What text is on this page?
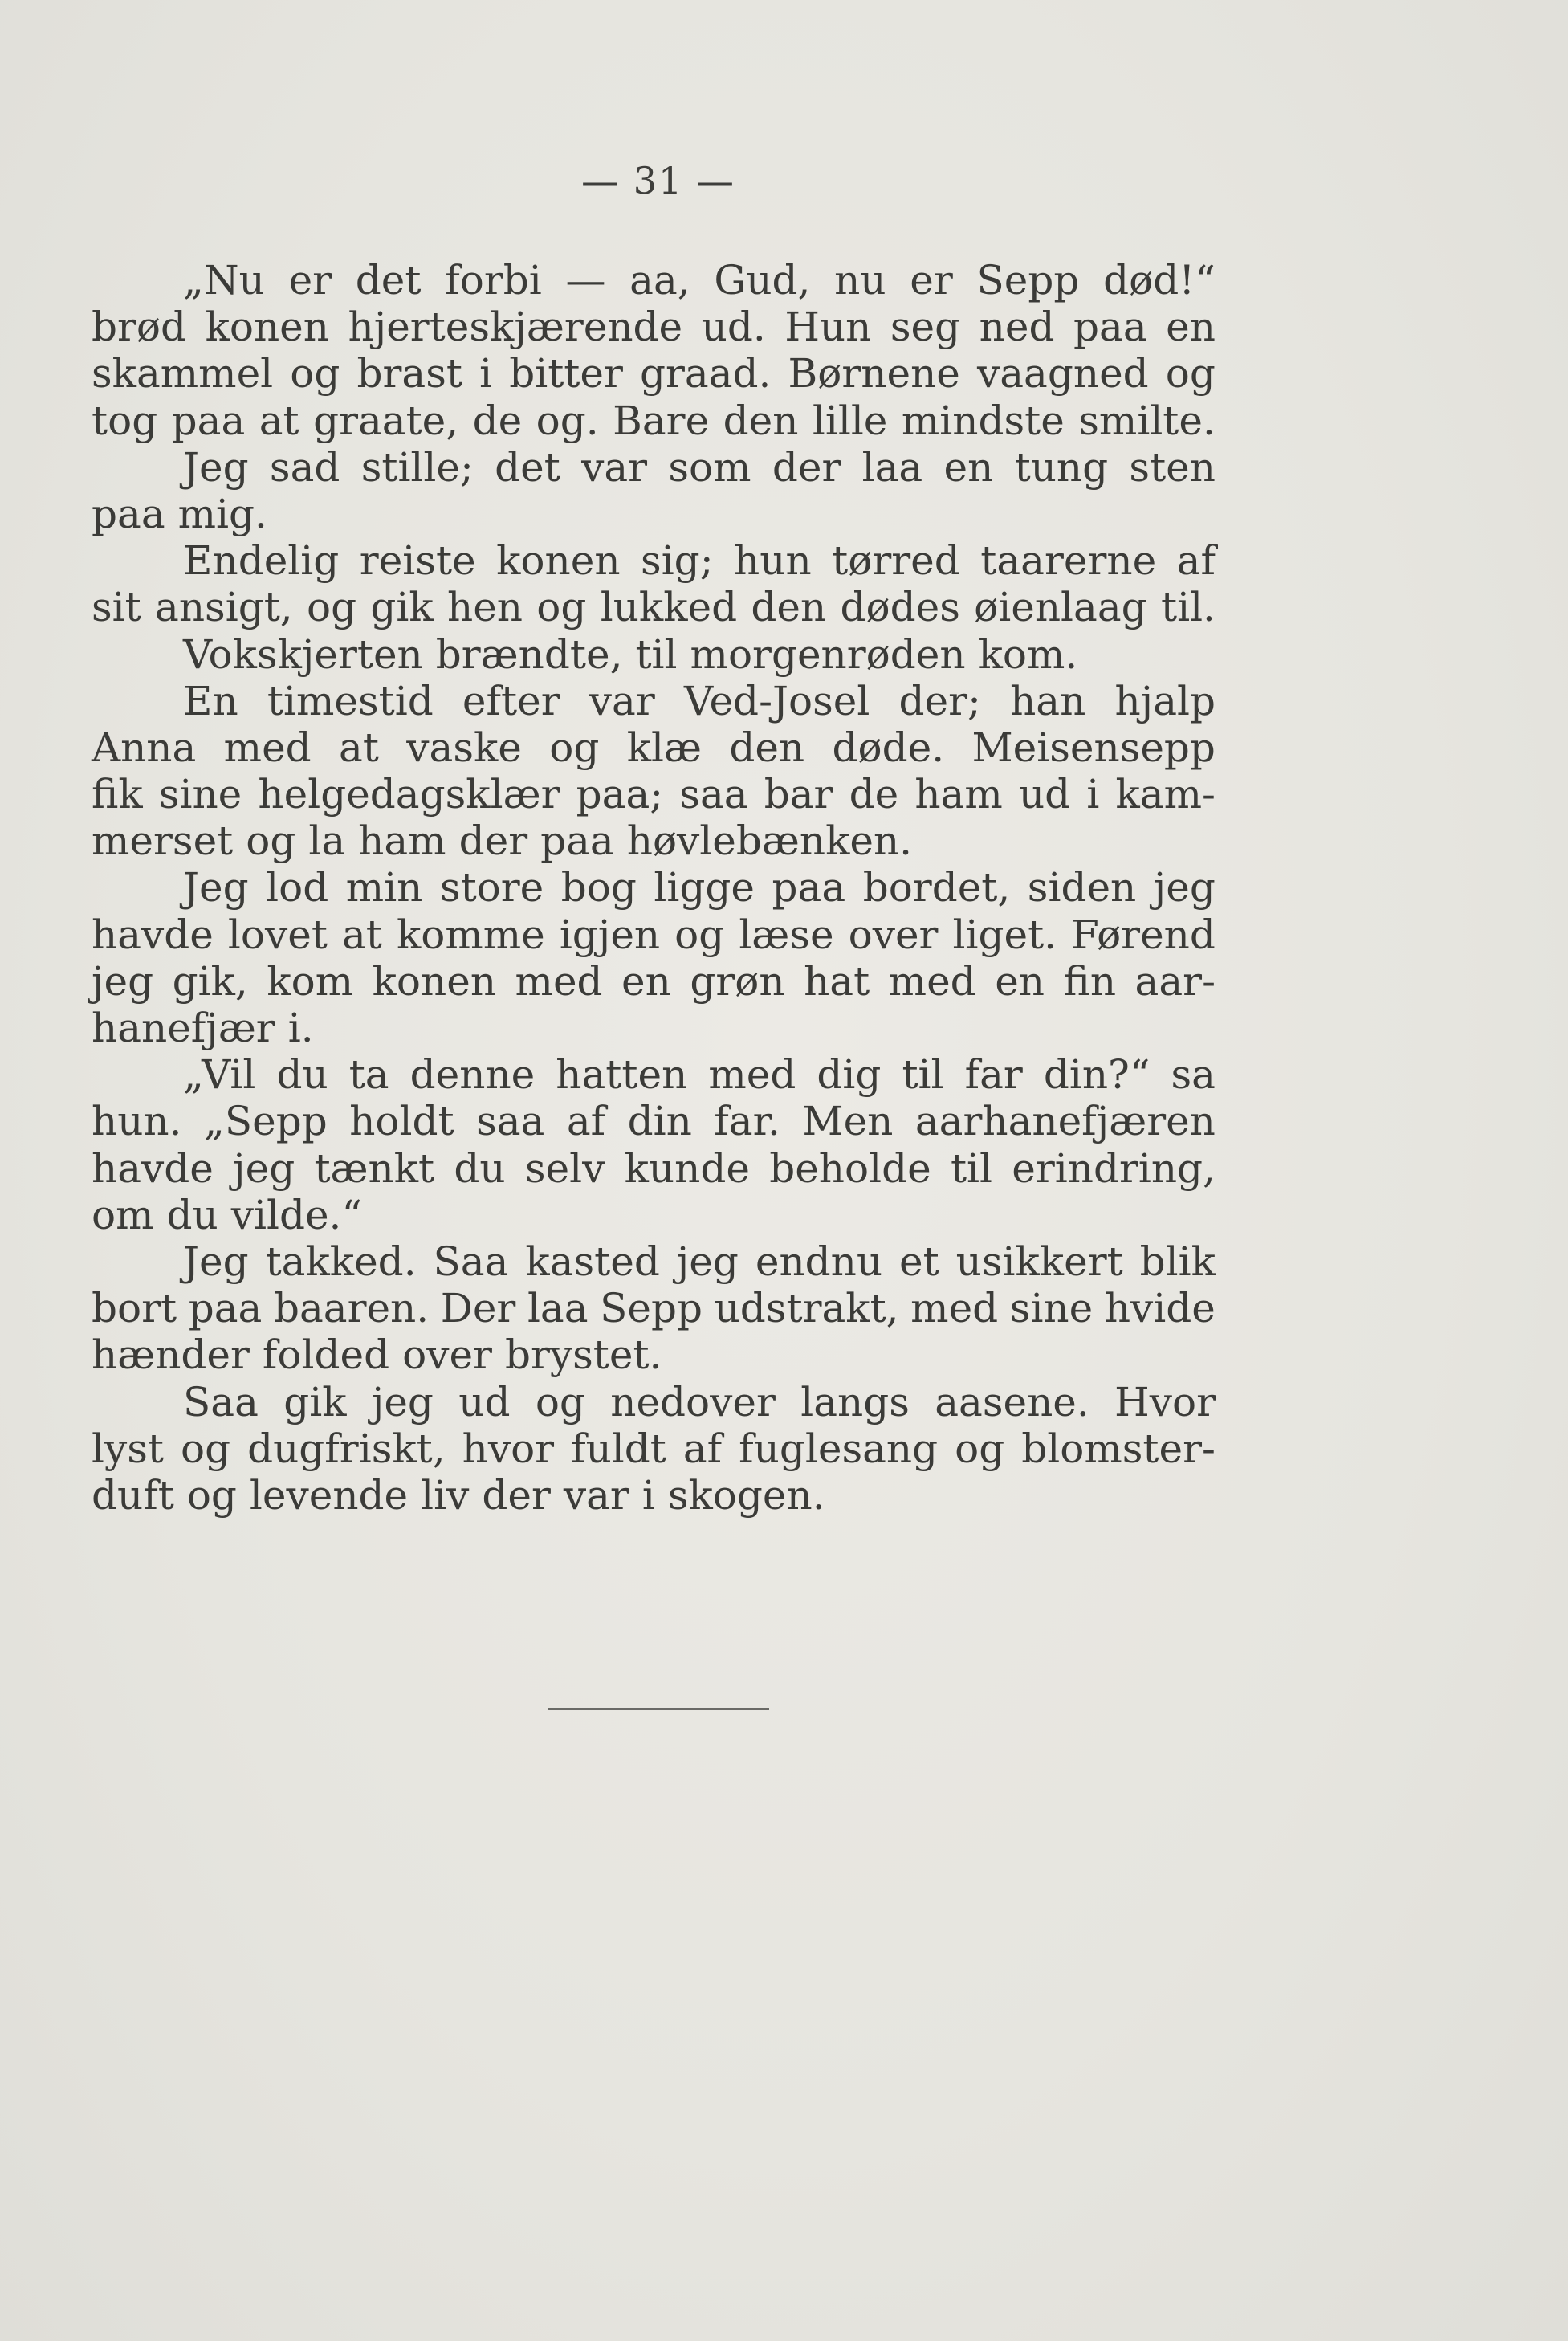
— 31 —
„Nu er det forbi — aa, Gud, nu er Sepp død!“
brød konen hjerteskjærende ud. Hun seg ned paa en
skammel og brast i bitter graad. Børnene vaagned og
tog paa at graate, de og. Bare den lille mindste smilte.
Jeg sad stille; det var som der laa en tung sten
paa mig.
Endelig reiste konen sig; hun tørred taarerne af
sit ansigt, og gik hen og lukked den dødes øienlaag til.
Vokskjerten brændte, til morgenrøden kom.
En timestid efter var Ved-Josel der; han hjalp
Anna med at vaske og klæ den døde. Meisensepp
fik sine helgedagsklær paa; saa bar de ham ud i kam-
merset og la ham der paa høvlebænken.
Jeg lod min store bog ligge paa bordet, siden jeg
havde lovet at komme igjen og læse over liget. Førend
jeg gik, kom konen med en grøn hat med en fin aar-
hanefjær i.
„Vil du ta denne hatten med dig til far din?“ sa
hun. „Sepp holdt saa af din far. Men aarhanefjæren
havde jeg tænkt du selv kunde beholde til erindring,
om du vilde.“
Jeg takked. Saa kasted jeg endnu et usikkert blik
bort paa baaren. Der laa Sepp udstrakt, med sine hvide
hænder folded over brystet.
Saa gik jeg ud og nedover langs aasene. Hvor
lyst og dugfriskt, hvor fuldt af fuglesang og blomster-
duft og levende liv der var i skogen.
